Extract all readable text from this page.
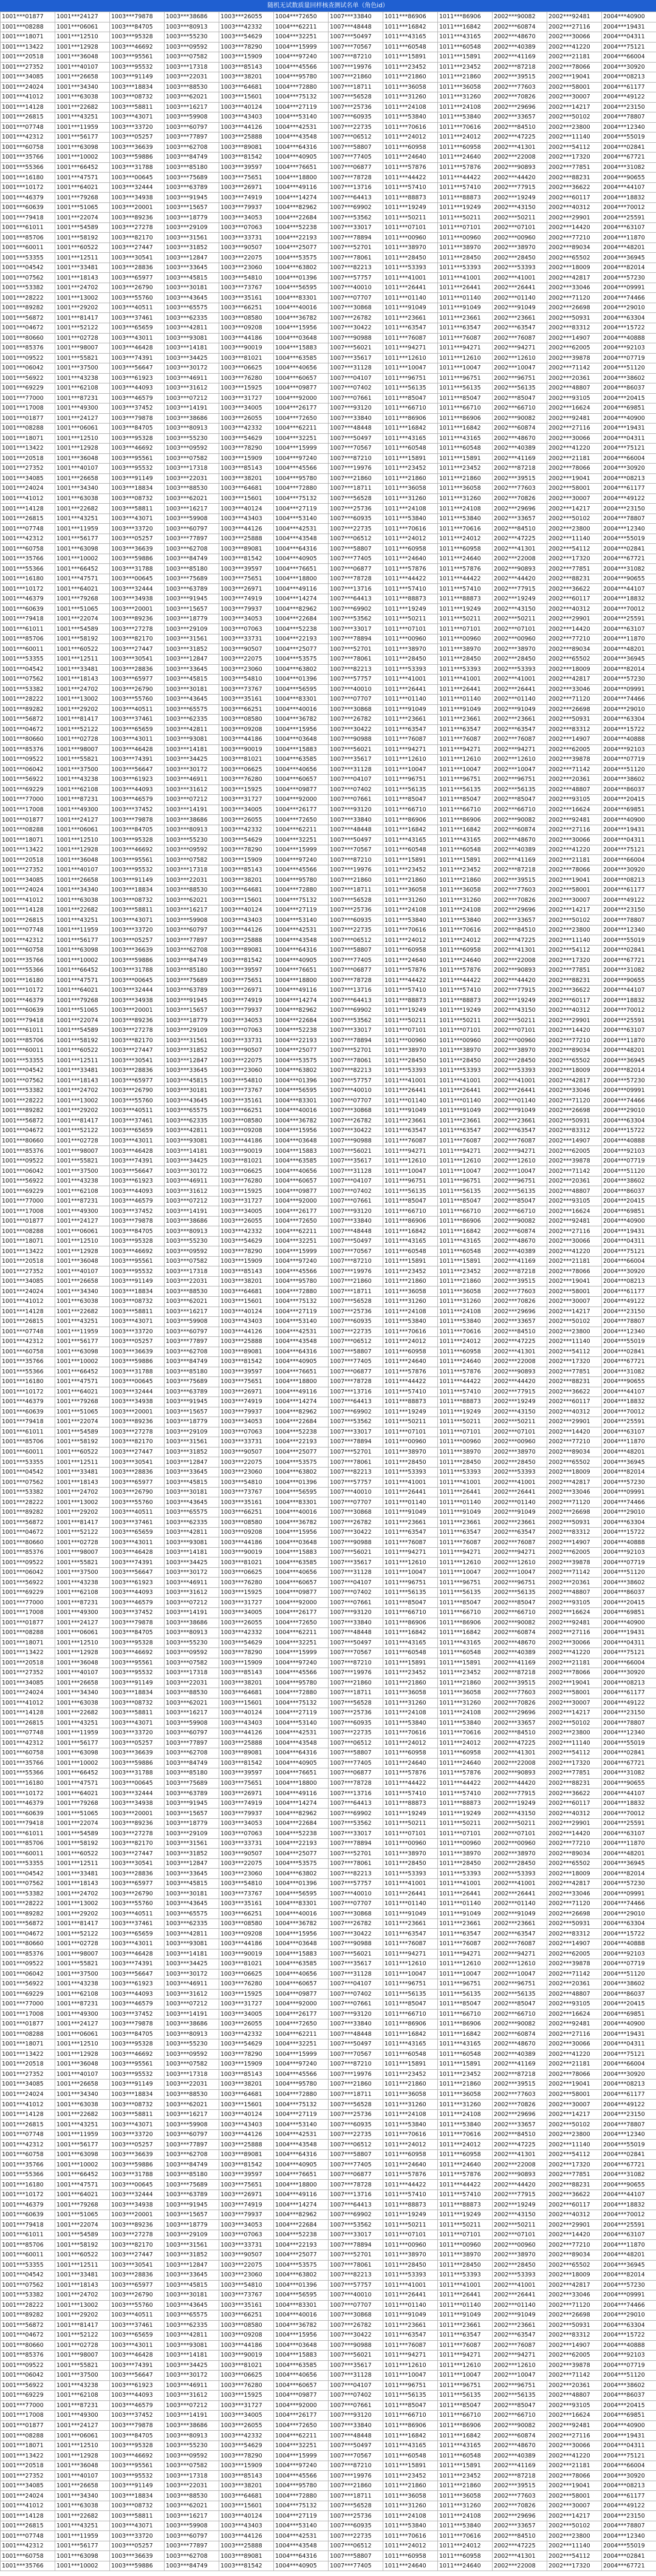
随机无试数质量回样核查测试名单（角色id）
1001***01877	1001***24127	1003***79878	1003***38686	1003***26055	1004***72650	1007***33840	1011***86906	1011***86906	2002***90082	2002***92481	2004***40900
1001***08288	1001***06061	1003***84705	1003***80913	1003***42332	1004***62211	1007***48448	1011***16842	1011***16842	2002***60874	2002***27116	2004***19431
1001***18071	1001***12510	1003***95328	1003***55230	1003***54629	1004***32251	1007***50497	1011***43165	1011***43165	2002***48670	2002***30066	2004***04311
1001***13422	1001***12928	1003***46692	1003***09592	1003***78290	1004***15999	1007***70567	1011***60548	1011***60548	2002***40389	2002***41220	2004***75121
1001***20518	1001***36048	1003***95561	1003***07582	1003***15909	1004***97240	1007***87210	1011***15891	1011***15891	2002***41169	2002***21181	2004***66004
1001***27352	1001***40107	1003***95532	1003***17318	1003***85143	1004***45566	1007***19976	1011***23452	1011***23452	2002***87218	2002***78066	2004***30920
1001***34085	1001***26658	1003***91149	1003***22031	1003***38201	1004***95780	1007***21860	1011***21860	1011***21860	2002***39515	2002***19041	2004***08213
1001***24024	1001***34340	1003***18834	1003***88530	1003***64681	1004***72880	1007***18711	1011***36058	1011***36058	2002***77603	2002***58001	2004***61177
1001***41012	1001***63038	1003***08732	1003***62021	1003***15601	1004***75132	1007***56528	1011***31260	1011***31260	2002***70826	2002***30007	2004***49122
1001***14128	1001***22682	1003***58811	1003***16217	1003***40124	1004***27119	1007***25736	1011***24108	1011***24108	2002***29696	2002***14217	2004***23150
1001***26815	1001***43251	1003***43071	1003***59908	1003***43403	1004***53140	1007***60935	1011***53840	1011***53840	2002***33657	2002***50102	2004***78807
1001***07748	1001***11959	1003***33720	1003***60797	1003***44126	1004***42531	1007***22735	1011***70616	1011***70616	2002***84510	2002***23800	2004***12340
1001***42312	1001***56177	1003***05257	1003***77897	1003***25888	1004***43548	1007***06512	1011***24012	1011***24012	2002***47225	2002***11140	2004***55019
1001***60758	1001***63098	1003***36639	1003***62708	1003***89081	1004***64316	1007***58807	1011***60958	1011***60958	2002***41301	2002***54112	2004***02841
1001***35766	1001***10002	1003***59886	1003***84749	1003***81542	1004***40905	1007***77405	1011***24640	1011***24640	2002***22008	2002***17320	2004***67721
1001***55366	1001***66452	1003***31788	1003***85180	1003***39597	1004***76651	1007***06877	1011***57876	1011***57876	2002***90893	2002***77851	2004***31082
1001***16180	1001***47571	1003***00645	1003***75689	1003***75651	1004***18800	1007***78728	1011***44422	1011***44422	2002***44420	2002***88231	2004***90655
1001***10172	1001***64021	1003***32444	1003***63789	1003***26971	1004***49116	1007***13716	1011***57410	1011***57410	2002***77915	2002***36622	2004***44107
1001***46379	1001***79268	1003***34938	1003***91945	1003***74919	1004***14274	1007***64413	1011***88873	1011***88873	2002***19249	2002***60117	2004***18832
1001***60639	1001***51065	1003***20001	1003***15657	1003***79937	1004***82962	1007***69902	1011***19249	1011***19249	2002***43150	2002***40312	2004***70012
1001***79418	1001***22074	1003***89236	1003***18779	1003***34053	1004***22684	1007***53562	1011***50211	1011***50211	2002***50211	2002***29901	2004***25591
1001***61011	1001***54589	1003***27278	1003***29109	1003***07063	1004***52238	1007***33017	1011***07101	1011***07101	2002***07101	2002***14420	2004***63107
1001***85706	1001***58192	1003***82170	1003***31561	1003***33731	1004***22193	1007***78894	1011***00960	1011***00960	2002***00960	2002***77210	2004***11870
1001***60011	1001***60522	1003***27447	1003***31852	1003***90507	1004***25077	1007***52701	1011***38970	1011***38970	2002***38970	2002***89034	2004***48201
1001***53355	1001***12511	1003***30541	1003***12847	1003***22075	1004***53575	1007***78061	1011***28450	1011***28450	2002***28450	2002***65502	2004***36945
1001***04542	1001***33481	1003***28836	1003***33645	1003***23060	1004***63802	1007***82213	1011***53393	1011***53393	2002***53393	2002***18009	2004***82014
1001***07562	1001***18143	1003***65977	1003***45815	1003***54810	1004***01396	1007***57757	1011***41001	1011***41001	2002***41001	2002***42817	2004***57230
1001***53382	1001***24702	1003***26790	1003***30181	1003***73767	1004***56595	1007***40010	1011***26441	1011***26441	2002***26441	2002***33046	2004***09991
1001***28222	1001***13002	1003***55760	1003***43645	1003***35161	1004***83301	1007***07707	1011***01140	1011***01140	2002***01140	2002***71120	2004***74466
1001***89282	1001***29202	1003***40511	1003***65575	1003***66251	1004***40016	1007***30868	1011***91049	1011***91049	2002***91049	2002***26698	2004***29010
1001***56872	1001***81417	1003***37461	1003***62335	1003***08580	1004***36782	1007***26782	1011***23661	1011***23661	2002***23661	2002***50931	2004***63304
1001***04672	1001***52122	1003***65659	1003***42811	1003***09208	1004***15956	1007***30422	1011***63547	1011***63547	2002***63547	2002***83312	2004***15722
1001***80660	1001***02728	1003***43011	1003***93081	1003***44186	1004***03648	1007***90988	1011***76087	1011***76087	2002***76087	2002***14907	2004***40888
1001***85376	1001***98007	1003***46428	1003***14181	1003***90019	1004***15883	1007***56021	1011***94271	1011***94271	2002***94271	2002***62005	2004***92103
1001***09522	1001***55821	1003***74391	1003***34425	1003***81021	1004***63585	1007***35617	1011***12610	1011***12610	2002***12610	2002***39878	2004***07719
1001***06042	1001***37500	1003***56647	1003***30172	1003***06625	1004***40656	1007***31128	1011***10047	1011***10047	2002***10047	2002***71142	2004***51120
1001***56922	1001***43238	1003***61923	1003***46911	1003***76280	1004***60657	1007***04107	1011***96751	1011***96751	2002***96751	2002***20361	2004***38602
1001***69229	1001***62108	1003***44093	1003***31612	1003***15925	1004***09877	1007***07402	1011***56135	1011***56135	2002***56135	2002***48807	2004***86037
1001***77000	1001***87231	1003***46579	1003***07212	1003***31727	1004***92000	1007***07661	1011***85047	1011***85047	2002***85047	2002***93105	2004***20415
1001***17008	1001***49300	1003***37452	1003***14191	1003***34005	1004***26177	1007***93120	1011***66710	1011***66710	2002***66710	2002***16624	2004***69851
1001***01877	1001***24127	1003***79878	1003***38686	1003***26055	1004***72650	1007***33840	1011***86906	1011***86906	2002***90082	2002***92481	2004***40900
1001***08288	1001***06061	1003***84705	1003***80913	1003***42332	1004***62211	1007***48448	1011***16842	1011***16842	2002***60874	2002***27116	2004***19431
1001***18071	1001***12510	1003***95328	1003***55230	1003***54629	1004***32251	1007***50497	1011***43165	1011***43165	2002***48670	2002***30066	2004***04311
1001***13422	1001***12928	1003***46692	1003***09592	1003***78290	1004***15999	1007***70567	1011***60548	1011***60548	2002***40389	2002***41220	2004***75121
1001***20518	1001***36048	1003***95561	1003***07582	1003***15909	1004***97240	1007***87210	1011***15891	1011***15891	2002***41169	2002***21181	2004***66004
1001***27352	1001***40107	1003***95532	1003***17318	1003***85143	1004***45566	1007***19976	1011***23452	1011***23452	2002***87218	2002***78066	2004***30920
1001***34085	1001***26658	1003***91149	1003***22031	1003***38201	1004***95780	1007***21860	1011***21860	1011***21860	2002***39515	2002***19041	2004***08213
1001***24024	1001***34340	1003***18834	1003***88530	1003***64681	1004***72880	1007***18711	1011***36058	1011***36058	2002***77603	2002***58001	2004***61177
1001***41012	1001***63038	1003***08732	1003***62021	1003***15601	1004***75132	1007***56528	1011***31260	1011***31260	2002***70826	2002***30007	2004***49122
1001***14128	1001***22682	1003***58811	1003***16217	1003***40124	1004***27119	1007***25736	1011***24108	1011***24108	2002***29696	2002***14217	2004***23150
1001***26815	1001***43251	1003***43071	1003***59908	1003***43403	1004***53140	1007***60935	1011***53840	1011***53840	2002***33657	2002***50102	2004***78807
1001***07748	1001***11959	1003***33720	1003***60797	1003***44126	1004***42531	1007***22735	1011***70616	1011***70616	2002***84510	2002***23800	2004***12340
1001***42312	1001***56177	1003***05257	1003***77897	1003***25888	1004***43548	1007***06512	1011***24012	1011***24012	2002***47225	2002***11140	2004***55019
1001***60758	1001***63098	1003***36639	1003***62708	1003***89081	1004***64316	1007***58807	1011***60958	1011***60958	2002***41301	2002***54112	2004***02841
1001***35766	1001***10002	1003***59886	1003***84749	1003***81542	1004***40905	1007***77405	1011***24640	1011***24640	2002***22008	2002***17320	2004***67721
1001***55366	1001***66452	1003***31788	1003***85180	1003***39597	1004***76651	1007***06877	1011***57876	1011***57876	2002***90893	2002***77851	2004***31082
1001***16180	1001***47571	1003***00645	1003***75689	1003***75651	1004***18800	1007***78728	1011***44422	1011***44422	2002***44420	2002***88231	2004***90655
1001***10172	1001***64021	1003***32444	1003***63789	1003***26971	1004***49116	1007***13716	1011***57410	1011***57410	2002***77915	2002***36622	2004***44107
1001***46379	1001***79268	1003***34938	1003***91945	1003***74919	1004***14274	1007***64413	1011***88873	1011***88873	2002***19249	2002***60117	2004***18832
1001***60639	1001***51065	1003***20001	1003***15657	1003***79937	1004***82962	1007***69902	1011***19249	1011***19249	2002***43150	2002***40312	2004***70012
1001***79418	1001***22074	1003***89236	1003***18779	1003***34053	1004***22684	1007***53562	1011***50211	1011***50211	2002***50211	2002***29901	2004***25591
1001***61011	1001***54589	1003***27278	1003***29109	1003***07063	1004***52238	1007***33017	1011***07101	1011***07101	2002***07101	2002***14420	2004***63107
1001***85706	1001***58192	1003***82170	1003***31561	1003***33731	1004***22193	1007***78894	1011***00960	1011***00960	2002***00960	2002***77210	2004***11870
1001***60011	1001***60522	1003***27447	1003***31852	1003***90507	1004***25077	1007***52701	1011***38970	1011***38970	2002***38970	2002***89034	2004***48201
1001***53355	1001***12511	1003***30541	1003***12847	1003***22075	1004***53575	1007***78061	1011***28450	1011***28450	2002***28450	2002***65502	2004***36945
1001***04542	1001***33481	1003***28836	1003***33645	1003***23060	1004***63802	1007***82213	1011***53393	1011***53393	2002***53393	2002***18009	2004***82014
1001***07562	1001***18143	1003***65977	1003***45815	1003***54810	1004***01396	1007***57757	1011***41001	1011***41001	2002***41001	2002***42817	2004***57230
1001***53382	1001***24702	1003***26790	1003***30181	1003***73767	1004***56595	1007***40010	1011***26441	1011***26441	2002***26441	2002***33046	2004***09991
1001***28222	1001***13002	1003***55760	1003***43645	1003***35161	1004***83301	1007***07707	1011***01140	1011***01140	2002***01140	2002***71120	2004***74466
1001***89282	1001***29202	1003***40511	1003***65575	1003***66251	1004***40016	1007***30868	1011***91049	1011***91049	2002***91049	2002***26698	2004***29010
1001***56872	1001***81417	1003***37461	1003***62335	1003***08580	1004***36782	1007***26782	1011***23661	1011***23661	2002***23661	2002***50931	2004***63304
1001***04672	1001***52122	1003***65659	1003***42811	1003***09208	1004***15956	1007***30422	1011***63547	1011***63547	2002***63547	2002***83312	2004***15722
1001***80660	1001***02728	1003***43011	1003***93081	1003***44186	1004***03648	1007***90988	1011***76087	1011***76087	2002***76087	2002***14907	2004***40888
1001***85376	1001***98007	1003***46428	1003***14181	1003***90019	1004***15883	1007***56021	1011***94271	1011***94271	2002***94271	2002***62005	2004***92103
1001***09522	1001***55821	1003***74391	1003***34425	1003***81021	1004***63585	1007***35617	1011***12610	1011***12610	2002***12610	2002***39878	2004***07719
1001***06042	1001***37500	1003***56647	1003***30172	1003***06625	1004***40656	1007***31128	1011***10047	1011***10047	2002***10047	2002***71142	2004***51120
1001***56922	1001***43238	1003***61923	1003***46911	1003***76280	1004***60657	1007***04107	1011***96751	1011***96751	2002***96751	2002***20361	2004***38602
1001***69229	1001***62108	1003***44093	1003***31612	1003***15925	1004***09877	1007***07402	1011***56135	1011***56135	2002***56135	2002***48807	2004***86037
1001***77000	1001***87231	1003***46579	1003***07212	1003***31727	1004***92000	1007***07661	1011***85047	1011***85047	2002***85047	2002***93105	2004***20415
1001***17008	1001***49300	1003***37452	1003***14191	1003***34005	1004***26177	1007***93120	1011***66710	1011***66710	2002***66710	2002***16624	2004***69851
1001***01877	1001***24127	1003***79878	1003***38686	1003***26055	1004***72650	1007***33840	1011***86906	1011***86906	2002***90082	2002***92481	2004***40900
1001***08288	1001***06061	1003***84705	1003***80913	1003***42332	1004***62211	1007***48448	1011***16842	1011***16842	2002***60874	2002***27116	2004***19431
1001***18071	1001***12510	1003***95328	1003***55230	1003***54629	1004***32251	1007***50497	1011***43165	1011***43165	2002***48670	2002***30066	2004***04311
1001***13422	1001***12928	1003***46692	1003***09592	1003***78290	1004***15999	1007***70567	1011***60548	1011***60548	2002***40389	2002***41220	2004***75121
1001***20518	1001***36048	1003***95561	1003***07582	1003***15909	1004***97240	1007***87210	1011***15891	1011***15891	2002***41169	2002***21181	2004***66004
1001***27352	1001***40107	1003***95532	1003***17318	1003***85143	1004***45566	1007***19976	1011***23452	1011***23452	2002***87218	2002***78066	2004***30920
1001***34085	1001***26658	1003***91149	1003***22031	1003***38201	1004***95780	1007***21860	1011***21860	1011***21860	2002***39515	2002***19041	2004***08213
1001***24024	1001***34340	1003***18834	1003***88530	1003***64681	1004***72880	1007***18711	1011***36058	1011***36058	2002***77603	2002***58001	2004***61177
1001***41012	1001***63038	1003***08732	1003***62021	1003***15601	1004***75132	1007***56528	1011***31260	1011***31260	2002***70826	2002***30007	2004***49122
1001***14128	1001***22682	1003***58811	1003***16217	1003***40124	1004***27119	1007***25736	1011***24108	1011***24108	2002***29696	2002***14217	2004***23150
1001***26815	1001***43251	1003***43071	1003***59908	1003***43403	1004***53140	1007***60935	1011***53840	1011***53840	2002***33657	2002***50102	2004***78807
1001***07748	1001***11959	1003***33720	1003***60797	1003***44126	1004***42531	1007***22735	1011***70616	1011***70616	2002***84510	2002***23800	2004***12340
1001***42312	1001***56177	1003***05257	1003***77897	1003***25888	1004***43548	1007***06512	1011***24012	1011***24012	2002***47225	2002***11140	2004***55019
1001***60758	1001***63098	1003***36639	1003***62708	1003***89081	1004***64316	1007***58807	1011***60958	1011***60958	2002***41301	2002***54112	2004***02841
1001***35766	1001***10002	1003***59886	1003***84749	1003***81542	1004***40905	1007***77405	1011***24640	1011***24640	2002***22008	2002***17320	2004***67721
1001***55366	1001***66452	1003***31788	1003***85180	1003***39597	1004***76651	1007***06877	1011***57876	1011***57876	2002***90893	2002***77851	2004***31082
1001***16180	1001***47571	1003***00645	1003***75689	1003***75651	1004***18800	1007***78728	1011***44422	1011***44422	2002***44420	2002***88231	2004***90655
1001***10172	1001***64021	1003***32444	1003***63789	1003***26971	1004***49116	1007***13716	1011***57410	1011***57410	2002***77915	2002***36622	2004***44107
1001***46379	1001***79268	1003***34938	1003***91945	1003***74919	1004***14274	1007***64413	1011***88873	1011***88873	2002***19249	2002***60117	2004***18832
1001***60639	1001***51065	1003***20001	1003***15657	1003***79937	1004***82962	1007***69902	1011***19249	1011***19249	2002***43150	2002***40312	2004***70012
1001***79418	1001***22074	1003***89236	1003***18779	1003***34053	1004***22684	1007***53562	1011***50211	1011***50211	2002***50211	2002***29901	2004***25591
1001***61011	1001***54589	1003***27278	1003***29109	1003***07063	1004***52238	1007***33017	1011***07101	1011***07101	2002***07101	2002***14420	2004***63107
1001***85706	1001***58192	1003***82170	1003***31561	1003***33731	1004***22193	1007***78894	1011***00960	1011***00960	2002***00960	2002***77210	2004***11870
1001***60011	1001***60522	1003***27447	1003***31852	1003***90507	1004***25077	1007***52701	1011***38970	1011***38970	2002***38970	2002***89034	2004***48201
1001***53355	1001***12511	1003***30541	1003***12847	1003***22075	1004***53575	1007***78061	1011***28450	1011***28450	2002***28450	2002***65502	2004***36945
1001***04542	1001***33481	1003***28836	1003***33645	1003***23060	1004***63802	1007***82213	1011***53393	1011***53393	2002***53393	2002***18009	2004***82014
1001***07562	1001***18143	1003***65977	1003***45815	1003***54810	1004***01396	1007***57757	1011***41001	1011***41001	2002***41001	2002***42817	2004***57230
1001***53382	1001***24702	1003***26790	1003***30181	1003***73767	1004***56595	1007***40010	1011***26441	1011***26441	2002***26441	2002***33046	2004***09991
1001***28222	1001***13002	1003***55760	1003***43645	1003***35161	1004***83301	1007***07707	1011***01140	1011***01140	2002***01140	2002***71120	2004***74466
1001***89282	1001***29202	1003***40511	1003***65575	1003***66251	1004***40016	1007***30868	1011***91049	1011***91049	2002***91049	2002***26698	2004***29010
1001***56872	1001***81417	1003***37461	1003***62335	1003***08580	1004***36782	1007***26782	1011***23661	1011***23661	2002***23661	2002***50931	2004***63304
1001***04672	1001***52122	1003***65659	1003***42811	1003***09208	1004***15956	1007***30422	1011***63547	1011***63547	2002***63547	2002***83312	2004***15722
1001***80660	1001***02728	1003***43011	1003***93081	1003***44186	1004***03648	1007***90988	1011***76087	1011***76087	2002***76087	2002***14907	2004***40888
1001***85376	1001***98007	1003***46428	1003***14181	1003***90019	1004***15883	1007***56021	1011***94271	1011***94271	2002***94271	2002***62005	2004***92103
1001***09522	1001***55821	1003***74391	1003***34425	1003***81021	1004***63585	1007***35617	1011***12610	1011***12610	2002***12610	2002***39878	2004***07719
1001***06042	1001***37500	1003***56647	1003***30172	1003***06625	1004***40656	1007***31128	1011***10047	1011***10047	2002***10047	2002***71142	2004***51120
1001***56922	1001***43238	1003***61923	1003***46911	1003***76280	1004***60657	1007***04107	1011***96751	1011***96751	2002***96751	2002***20361	2004***38602
1001***69229	1001***62108	1003***44093	1003***31612	1003***15925	1004***09877	1007***07402	1011***56135	1011***56135	2002***56135	2002***48807	2004***86037
1001***77000	1001***87231	1003***46579	1003***07212	1003***31727	1004***92000	1007***07661	1011***85047	1011***85047	2002***85047	2002***93105	2004***20415
1001***17008	1001***49300	1003***37452	1003***14191	1003***34005	1004***26177	1007***93120	1011***66710	1011***66710	2002***66710	2002***16624	2004***69851
1001***01877	1001***24127	1003***79878	1003***38686	1003***26055	1004***72650	1007***33840	1011***86906	1011***86906	2002***90082	2002***92481	2004***40900
1001***08288	1001***06061	1003***84705	1003***80913	1003***42332	1004***62211	1007***48448	1011***16842	1011***16842	2002***60874	2002***27116	2004***19431
1001***18071	1001***12510	1003***95328	1003***55230	1003***54629	1004***32251	1007***50497	1011***43165	1011***43165	2002***48670	2002***30066	2004***04311
1001***13422	1001***12928	1003***46692	1003***09592	1003***78290	1004***15999	1007***70567	1011***60548	1011***60548	2002***40389	2002***41220	2004***75121
1001***20518	1001***36048	1003***95561	1003***07582	1003***15909	1004***97240	1007***87210	1011***15891	1011***15891	2002***41169	2002***21181	2004***66004
1001***27352	1001***40107	1003***95532	1003***17318	1003***85143	1004***45566	1007***19976	1011***23452	1011***23452	2002***87218	2002***78066	2004***30920
1001***34085	1001***26658	1003***91149	1003***22031	1003***38201	1004***95780	1007***21860	1011***21860	1011***21860	2002***39515	2002***19041	2004***08213
1001***24024	1001***34340	1003***18834	1003***88530	1003***64681	1004***72880	1007***18711	1011***36058	1011***36058	2002***77603	2002***58001	2004***61177
1001***41012	1001***63038	1003***08732	1003***62021	1003***15601	1004***75132	1007***56528	1011***31260	1011***31260	2002***70826	2002***30007	2004***49122
1001***14128	1001***22682	1003***58811	1003***16217	1003***40124	1004***27119	1007***25736	1011***24108	1011***24108	2002***29696	2002***14217	2004***23150
1001***26815	1001***43251	1003***43071	1003***59908	1003***43403	1004***53140	1007***60935	1011***53840	1011***53840	2002***33657	2002***50102	2004***78807
1001***07748	1001***11959	1003***33720	1003***60797	1003***44126	1004***42531	1007***22735	1011***70616	1011***70616	2002***84510	2002***23800	2004***12340
1001***42312	1001***56177	1003***05257	1003***77897	1003***25888	1004***43548	1007***06512	1011***24012	1011***24012	2002***47225	2002***11140	2004***55019
1001***60758	1001***63098	1003***36639	1003***62708	1003***89081	1004***64316	1007***58807	1011***60958	1011***60958	2002***41301	2002***54112	2004***02841
1001***35766	1001***10002	1003***59886	1003***84749	1003***81542	1004***40905	1007***77405	1011***24640	1011***24640	2002***22008	2002***17320	2004***67721
1001***55366	1001***66452	1003***31788	1003***85180	1003***39597	1004***76651	1007***06877	1011***57876	1011***57876	2002***90893	2002***77851	2004***31082
1001***16180	1001***47571	1003***00645	1003***75689	1003***75651	1004***18800	1007***78728	1011***44422	1011***44422	2002***44420	2002***88231	2004***90655
1001***10172	1001***64021	1003***32444	1003***63789	1003***26971	1004***49116	1007***13716	1011***57410	1011***57410	2002***77915	2002***36622	2004***44107
1001***46379	1001***79268	1003***34938	1003***91945	1003***74919	1004***14274	1007***64413	1011***88873	1011***88873	2002***19249	2002***60117	2004***18832
1001***60639	1001***51065	1003***20001	1003***15657	1003***79937	1004***82962	1007***69902	1011***19249	1011***19249	2002***43150	2002***40312	2004***70012
1001***79418	1001***22074	1003***89236	1003***18779	1003***34053	1004***22684	1007***53562	1011***50211	1011***50211	2002***50211	2002***29901	2004***25591
1001***61011	1001***54589	1003***27278	1003***29109	1003***07063	1004***52238	1007***33017	1011***07101	1011***07101	2002***07101	2002***14420	2004***63107
1001***85706	1001***58192	1003***82170	1003***31561	1003***33731	1004***22193	1007***78894	1011***00960	1011***00960	2002***00960	2002***77210	2004***11870
1001***60011	1001***60522	1003***27447	1003***31852	1003***90507	1004***25077	1007***52701	1011***38970	1011***38970	2002***38970	2002***89034	2004***48201
1001***53355	1001***12511	1003***30541	1003***12847	1003***22075	1004***53575	1007***78061	1011***28450	1011***28450	2002***28450	2002***65502	2004***36945
1001***04542	1001***33481	1003***28836	1003***33645	1003***23060	1004***63802	1007***82213	1011***53393	1011***53393	2002***53393	2002***18009	2004***82014
1001***07562	1001***18143	1003***65977	1003***45815	1003***54810	1004***01396	1007***57757	1011***41001	1011***41001	2002***41001	2002***42817	2004***57230
1001***53382	1001***24702	1003***26790	1003***30181	1003***73767	1004***56595	1007***40010	1011***26441	1011***26441	2002***26441	2002***33046	2004***09991
1001***28222	1001***13002	1003***55760	1003***43645	1003***35161	1004***83301	1007***07707	1011***01140	1011***01140	2002***01140	2002***71120	2004***74466
1001***89282	1001***29202	1003***40511	1003***65575	1003***66251	1004***40016	1007***30868	1011***91049	1011***91049	2002***91049	2002***26698	2004***29010
1001***56872	1001***81417	1003***37461	1003***62335	1003***08580	1004***36782	1007***26782	1011***23661	1011***23661	2002***23661	2002***50931	2004***63304
1001***04672	1001***52122	1003***65659	1003***42811	1003***09208	1004***15956	1007***30422	1011***63547	1011***63547	2002***63547	2002***83312	2004***15722
1001***80660	1001***02728	1003***43011	1003***93081	1003***44186	1004***03648	1007***90988	1011***76087	1011***76087	2002***76087	2002***14907	2004***40888
1001***85376	1001***98007	1003***46428	1003***14181	1003***90019	1004***15883	1007***56021	1011***94271	1011***94271	2002***94271	2002***62005	2004***92103
1001***09522	1001***55821	1003***74391	1003***34425	1003***81021	1004***63585	1007***35617	1011***12610	1011***12610	2002***12610	2002***39878	2004***07719
1001***06042	1001***37500	1003***56647	1003***30172	1003***06625	1004***40656	1007***31128	1011***10047	1011***10047	2002***10047	2002***71142	2004***51120
1001***56922	1001***43238	1003***61923	1003***46911	1003***76280	1004***60657	1007***04107	1011***96751	1011***96751	2002***96751	2002***20361	2004***38602
1001***69229	1001***62108	1003***44093	1003***31612	1003***15925	1004***09877	1007***07402	1011***56135	1011***56135	2002***56135	2002***48807	2004***86037
1001***77000	1001***87231	1003***46579	1003***07212	1003***31727	1004***92000	1007***07661	1011***85047	1011***85047	2002***85047	2002***93105	2004***20415
1001***17008	1001***49300	1003***37452	1003***14191	1003***34005	1004***26177	1007***93120	1011***66710	1011***66710	2002***66710	2002***16624	2004***69851
1001***01877	1001***24127	1003***79878	1003***38686	1003***26055	1004***72650	1007***33840	1011***86906	1011***86906	2002***90082	2002***92481	2004***40900
1001***08288	1001***06061	1003***84705	1003***80913	1003***42332	1004***62211	1007***48448	1011***16842	1011***16842	2002***60874	2002***27116	2004***19431
1001***18071	1001***12510	1003***95328	1003***55230	1003***54629	1004***32251	1007***50497	1011***43165	1011***43165	2002***48670	2002***30066	2004***04311
1001***13422	1001***12928	1003***46692	1003***09592	1003***78290	1004***15999	1007***70567	1011***60548	1011***60548	2002***40389	2002***41220	2004***75121
1001***20518	1001***36048	1003***95561	1003***07582	1003***15909	1004***97240	1007***87210	1011***15891	1011***15891	2002***41169	2002***21181	2004***66004
1001***27352	1001***40107	1003***95532	1003***17318	1003***85143	1004***45566	1007***19976	1011***23452	1011***23452	2002***87218	2002***78066	2004***30920
1001***34085	1001***26658	1003***91149	1003***22031	1003***38201	1004***95780	1007***21860	1011***21860	1011***21860	2002***39515	2002***19041	2004***08213
1001***24024	1001***34340	1003***18834	1003***88530	1003***64681	1004***72880	1007***18711	1011***36058	1011***36058	2002***77603	2002***58001	2004***61177
1001***41012	1001***63038	1003***08732	1003***62021	1003***15601	1004***75132	1007***56528	1011***31260	1011***31260	2002***70826	2002***30007	2004***49122
1001***14128	1001***22682	1003***58811	1003***16217	1003***40124	1004***27119	1007***25736	1011***24108	1011***24108	2002***29696	2002***14217	2004***23150
1001***26815	1001***43251	1003***43071	1003***59908	1003***43403	1004***53140	1007***60935	1011***53840	1011***53840	2002***33657	2002***50102	2004***78807
1001***07748	1001***11959	1003***33720	1003***60797	1003***44126	1004***42531	1007***22735	1011***70616	1011***70616	2002***84510	2002***23800	2004***12340
1001***42312	1001***56177	1003***05257	1003***77897	1003***25888	1004***43548	1007***06512	1011***24012	1011***24012	2002***47225	2002***11140	2004***55019
1001***60758	1001***63098	1003***36639	1003***62708	1003***89081	1004***64316	1007***58807	1011***60958	1011***60958	2002***41301	2002***54112	2004***02841
1001***35766	1001***10002	1003***59886	1003***84749	1003***81542	1004***40905	1007***77405	1011***24640	1011***24640	2002***22008	2002***17320	2004***67721
1001***55366	1001***66452	1003***31788	1003***85180	1003***39597	1004***76651	1007***06877	1011***57876	1011***57876	2002***90893	2002***77851	2004***31082
1001***16180	1001***47571	1003***00645	1003***75689	1003***75651	1004***18800	1007***78728	1011***44422	1011***44422	2002***44420	2002***88231	2004***90655
1001***10172	1001***64021	1003***32444	1003***63789	1003***26971	1004***49116	1007***13716	1011***57410	1011***57410	2002***77915	2002***36622	2004***44107
1001***46379	1001***79268	1003***34938	1003***91945	1003***74919	1004***14274	1007***64413	1011***88873	1011***88873	2002***19249	2002***60117	2004***18832
1001***60639	1001***51065	1003***20001	1003***15657	1003***79937	1004***82962	1007***69902	1011***19249	1011***19249	2002***43150	2002***40312	2004***70012
1001***79418	1001***22074	1003***89236	1003***18779	1003***34053	1004***22684	1007***53562	1011***50211	1011***50211	2002***50211	2002***29901	2004***25591
1001***61011	1001***54589	1003***27278	1003***29109	1003***07063	1004***52238	1007***33017	1011***07101	1011***07101	2002***07101	2002***14420	2004***63107
1001***85706	1001***58192	1003***82170	1003***31561	1003***33731	1004***22193	1007***78894	1011***00960	1011***00960	2002***00960	2002***77210	2004***11870
1001***60011	1001***60522	1003***27447	1003***31852	1003***90507	1004***25077	1007***52701	1011***38970	1011***38970	2002***38970	2002***89034	2004***48201
1001***53355	1001***12511	1003***30541	1003***12847	1003***22075	1004***53575	1007***78061	1011***28450	1011***28450	2002***28450	2002***65502	2004***36945
1001***04542	1001***33481	1003***28836	1003***33645	1003***23060	1004***63802	1007***82213	1011***53393	1011***53393	2002***53393	2002***18009	2004***82014
1001***07562	1001***18143	1003***65977	1003***45815	1003***54810	1004***01396	1007***57757	1011***41001	1011***41001	2002***41001	2002***42817	2004***57230
1001***53382	1001***24702	1003***26790	1003***30181	1003***73767	1004***56595	1007***40010	1011***26441	1011***26441	2002***26441	2002***33046	2004***09991
1001***28222	1001***13002	1003***55760	1003***43645	1003***35161	1004***83301	1007***07707	1011***01140	1011***01140	2002***01140	2002***71120	2004***74466
1001***89282	1001***29202	1003***40511	1003***65575	1003***66251	1004***40016	1007***30868	1011***91049	1011***91049	2002***91049	2002***26698	2004***29010
1001***56872	1001***81417	1003***37461	1003***62335	1003***08580	1004***36782	1007***26782	1011***23661	1011***23661	2002***23661	2002***50931	2004***63304
1001***04672	1001***52122	1003***65659	1003***42811	1003***09208	1004***15956	1007***30422	1011***63547	1011***63547	2002***63547	2002***83312	2004***15722
1001***80660	1001***02728	1003***43011	1003***93081	1003***44186	1004***03648	1007***90988	1011***76087	1011***76087	2002***76087	2002***14907	2004***40888
1001***85376	1001***98007	1003***46428	1003***14181	1003***90019	1004***15883	1007***56021	1011***94271	1011***94271	2002***94271	2002***62005	2004***92103
1001***09522	1001***55821	1003***74391	1003***34425	1003***81021	1004***63585	1007***35617	1011***12610	1011***12610	2002***12610	2002***39878	2004***07719
1001***06042	1001***37500	1003***56647	1003***30172	1003***06625	1004***40656	1007***31128	1011***10047	1011***10047	2002***10047	2002***71142	2004***51120
1001***56922	1001***43238	1003***61923	1003***46911	1003***76280	1004***60657	1007***04107	1011***96751	1011***96751	2002***96751	2002***20361	2004***38602
1001***69229	1001***62108	1003***44093	1003***31612	1003***15925	1004***09877	1007***07402	1011***56135	1011***56135	2002***56135	2002***48807	2004***86037
1001***77000	1001***87231	1003***46579	1003***07212	1003***31727	1004***92000	1007***07661	1011***85047	1011***85047	2002***85047	2002***93105	2004***20415
1001***17008	1001***49300	1003***37452	1003***14191	1003***34005	1004***26177	1007***93120	1011***66710	1011***66710	2002***66710	2002***16624	2004***69851
1001***01877	1001***24127	1003***79878	1003***38686	1003***26055	1004***72650	1007***33840	1011***86906	1011***86906	2002***90082	2002***92481	2004***40900
1001***08288	1001***06061	1003***84705	1003***80913	1003***42332	1004***62211	1007***48448	1011***16842	1011***16842	2002***60874	2002***27116	2004***19431
1001***18071	1001***12510	1003***95328	1003***55230	1003***54629	1004***32251	1007***50497	1011***43165	1011***43165	2002***48670	2002***30066	2004***04311
1001***13422	1001***12928	1003***46692	1003***09592	1003***78290	1004***15999	1007***70567	1011***60548	1011***60548	2002***40389	2002***41220	2004***75121
1001***20518	1001***36048	1003***95561	1003***07582	1003***15909	1004***97240	1007***87210	1011***15891	1011***15891	2002***41169	2002***21181	2004***66004
1001***27352	1001***40107	1003***95532	1003***17318	1003***85143	1004***45566	1007***19976	1011***23452	1011***23452	2002***87218	2002***78066	2004***30920
1001***34085	1001***26658	1003***91149	1003***22031	1003***38201	1004***95780	1007***21860	1011***21860	1011***21860	2002***39515	2002***19041	2004***08213
1001***24024	1001***34340	1003***18834	1003***88530	1003***64681	1004***72880	1007***18711	1011***36058	1011***36058	2002***77603	2002***58001	2004***61177
1001***41012	1001***63038	1003***08732	1003***62021	1003***15601	1004***75132	1007***56528	1011***31260	1011***31260	2002***70826	2002***30007	2004***49122
1001***14128	1001***22682	1003***58811	1003***16217	1003***40124	1004***27119	1007***25736	1011***24108	1011***24108	2002***29696	2002***14217	2004***23150
1001***26815	1001***43251	1003***43071	1003***59908	1003***43403	1004***53140	1007***60935	1011***53840	1011***53840	2002***33657	2002***50102	2004***78807
1001***07748	1001***11959	1003***33720	1003***60797	1003***44126	1004***42531	1007***22735	1011***70616	1011***70616	2002***84510	2002***23800	2004***12340
1001***42312	1001***56177	1003***05257	1003***77897	1003***25888	1004***43548	1007***06512	1011***24012	1011***24012	2002***47225	2002***11140	2004***55019
1001***60758	1001***63098	1003***36639	1003***62708	1003***89081	1004***64316	1007***58807	1011***60958	1011***60958	2002***41301	2002***54112	2004***02841
1001***35766	1001***10002	1003***59886	1003***84749	1003***81542	1004***40905	1007***77405	1011***24640	1011***24640	2002***22008	2002***17320	2004***67721
1001***55366	1001***66452	1003***31788	1003***85180	1003***39597	1004***76651	1007***06877	1011***57876	1011***57876	2002***90893	2002***77851	2004***31082
1001***16180	1001***47571	1003***00645	1003***75689	1003***75651	1004***18800	1007***78728	1011***44422	1011***44422	2002***44420	2002***88231	2004***90655
1001***10172	1001***64021	1003***32444	1003***63789	1003***26971	1004***49116	1007***13716	1011***57410	1011***57410	2002***77915	2002***36622	2004***44107
1001***46379	1001***79268	1003***34938	1003***91945	1003***74919	1004***14274	1007***64413	1011***88873	1011***88873	2002***19249	2002***60117	2004***18832
1001***60639	1001***51065	1003***20001	1003***15657	1003***79937	1004***82962	1007***69902	1011***19249	1011***19249	2002***43150	2002***40312	2004***70012
1001***79418	1001***22074	1003***89236	1003***18779	1003***34053	1004***22684	1007***53562	1011***50211	1011***50211	2002***50211	2002***29901	2004***25591
1001***61011	1001***54589	1003***27278	1003***29109	1003***07063	1004***52238	1007***33017	1011***07101	1011***07101	2002***07101	2002***14420	2004***63107
1001***85706	1001***58192	1003***82170	1003***31561	1003***33731	1004***22193	1007***78894	1011***00960	1011***00960	2002***00960	2002***77210	2004***11870
1001***60011	1001***60522	1003***27447	1003***31852	1003***90507	1004***25077	1007***52701	1011***38970	1011***38970	2002***38970	2002***89034	2004***48201
1001***53355	1001***12511	1003***30541	1003***12847	1003***22075	1004***53575	1007***78061	1011***28450	1011***28450	2002***28450	2002***65502	2004***36945
1001***04542	1001***33481	1003***28836	1003***33645	1003***23060	1004***63802	1007***82213	1011***53393	1011***53393	2002***53393	2002***18009	2004***82014
1001***07562	1001***18143	1003***65977	1003***45815	1003***54810	1004***01396	1007***57757	1011***41001	1011***41001	2002***41001	2002***42817	2004***57230
1001***53382	1001***24702	1003***26790	1003***30181	1003***73767	1004***56595	1007***40010	1011***26441	1011***26441	2002***26441	2002***33046	2004***09991
1001***28222	1001***13002	1003***55760	1003***43645	1003***35161	1004***83301	1007***07707	1011***01140	1011***01140	2002***01140	2002***71120	2004***74466
1001***89282	1001***29202	1003***40511	1003***65575	1003***66251	1004***40016	1007***30868	1011***91049	1011***91049	2002***91049	2002***26698	2004***29010
1001***56872	1001***81417	1003***37461	1003***62335	1003***08580	1004***36782	1007***26782	1011***23661	1011***23661	2002***23661	2002***50931	2004***63304
1001***04672	1001***52122	1003***65659	1003***42811	1003***09208	1004***15956	1007***30422	1011***63547	1011***63547	2002***63547	2002***83312	2004***15722
1001***80660	1001***02728	1003***43011	1003***93081	1003***44186	1004***03648	1007***90988	1011***76087	1011***76087	2002***76087	2002***14907	2004***40888
1001***85376	1001***98007	1003***46428	1003***14181	1003***90019	1004***15883	1007***56021	1011***94271	1011***94271	2002***94271	2002***62005	2004***92103
1001***09522	1001***55821	1003***74391	1003***34425	1003***81021	1004***63585	1007***35617	1011***12610	1011***12610	2002***12610	2002***39878	2004***07719
1001***06042	1001***37500	1003***56647	1003***30172	1003***06625	1004***40656	1007***31128	1011***10047	1011***10047	2002***10047	2002***71142	2004***51120
1001***56922	1001***43238	1003***61923	1003***46911	1003***76280	1004***60657	1007***04107	1011***96751	1011***96751	2002***96751	2002***20361	2004***38602
1001***69229	1001***62108	1003***44093	1003***31612	1003***15925	1004***09877	1007***07402	1011***56135	1011***56135	2002***56135	2002***48807	2004***86037
1001***77000	1001***87231	1003***46579	1003***07212	1003***31727	1004***92000	1007***07661	1011***85047	1011***85047	2002***85047	2002***93105	2004***20415
1001***17008	1001***49300	1003***37452	1003***14191	1003***34005	1004***26177	1007***93120	1011***66710	1011***66710	2002***66710	2002***16624	2004***69851
1001***01877	1001***24127	1003***79878	1003***38686	1003***26055	1004***72650	1007***33840	1011***86906	1011***86906	2002***90082	2002***92481	2004***40900
1001***08288	1001***06061	1003***84705	1003***80913	1003***42332	1004***62211	1007***48448	1011***16842	1011***16842	2002***60874	2002***27116	2004***19431
1001***18071	1001***12510	1003***95328	1003***55230	1003***54629	1004***32251	1007***50497	1011***43165	1011***43165	2002***48670	2002***30066	2004***04311
1001***13422	1001***12928	1003***46692	1003***09592	1003***78290	1004***15999	1007***70567	1011***60548	1011***60548	2002***40389	2002***41220	2004***75121
1001***20518	1001***36048	1003***95561	1003***07582	1003***15909	1004***97240	1007***87210	1011***15891	1011***15891	2002***41169	2002***21181	2004***66004
1001***27352	1001***40107	1003***95532	1003***17318	1003***85143	1004***45566	1007***19976	1011***23452	1011***23452	2002***87218	2002***78066	2004***30920
1001***34085	1001***26658	1003***91149	1003***22031	1003***38201	1004***95780	1007***21860	1011***21860	1011***21860	2002***39515	2002***19041	2004***08213
1001***24024	1001***34340	1003***18834	1003***88530	1003***64681	1004***72880	1007***18711	1011***36058	1011***36058	2002***77603	2002***58001	2004***61177
1001***41012	1001***63038	1003***08732	1003***62021	1003***15601	1004***75132	1007***56528	1011***31260	1011***31260	2002***70826	2002***30007	2004***49122
1001***14128	1001***22682	1003***58811	1003***16217	1003***40124	1004***27119	1007***25736	1011***24108	1011***24108	2002***29696	2002***14217	2004***23150
1001***26815	1001***43251	1003***43071	1003***59908	1003***43403	1004***53140	1007***60935	1011***53840	1011***53840	2002***33657	2002***50102	2004***78807
1001***07748	1001***11959	1003***33720	1003***60797	1003***44126	1004***42531	1007***22735	1011***70616	1011***70616	2002***84510	2002***23800	2004***12340
1001***42312	1001***56177	1003***05257	1003***77897	1003***25888	1004***43548	1007***06512	1011***24012	1011***24012	2002***47225	2002***11140	2004***55019
1001***60758	1001***63098	1003***36639	1003***62708	1003***89081	1004***64316	1007***58807	1011***60958	1011***60958	2002***41301	2002***54112	2004***02841
1001***35766	1001***10002	1003***59886	1003***84749	1003***81542	1004***40905	1007***77405	1011***24640	1011***24640	2002***22008	2002***17320	2004***67721
